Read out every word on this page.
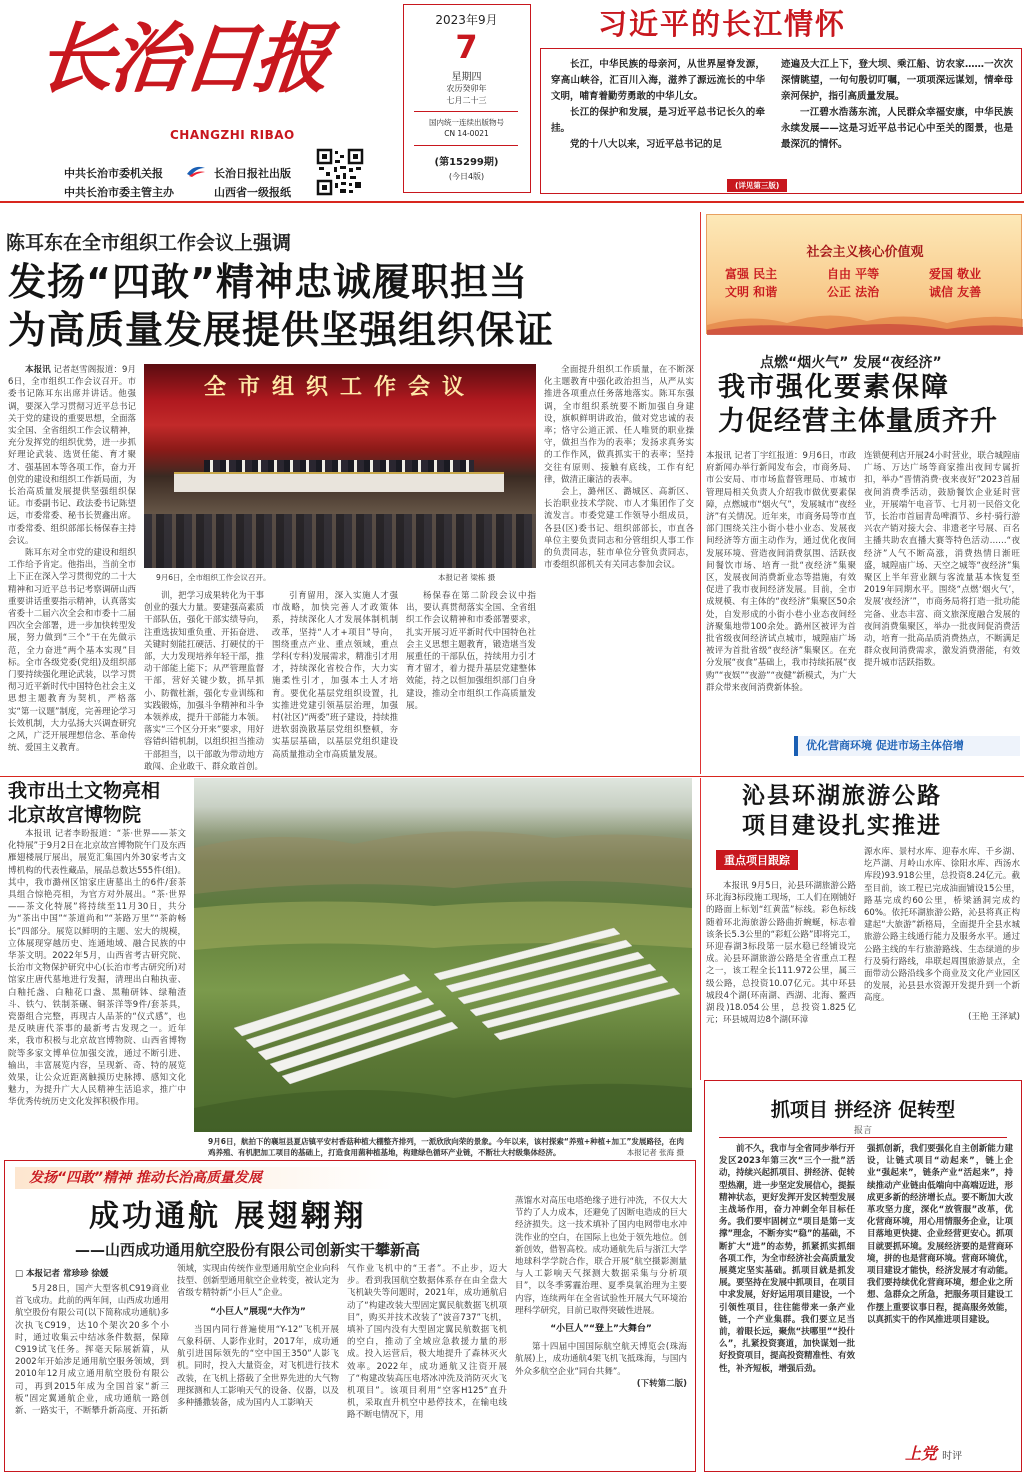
长治日报
CHANGZHI RIBAO
中共长治市委机关报	长治日报社出版
中共长治市委主管主办	山西省一级报纸
2023年9月
7
星期四
农历癸卯年
七月二十三
国内统一连续出版物号
CN 14-0021
(第15299期)
(今日4版)
习近平的长江情怀

长江，中华民族的母亲河，从世界屋脊发源，穿高山峡谷，汇百川入海，滋养了源远流长的中华文明，哺育着勤劳勇敢的中华儿女。

长江的保护和发展，是习近平总书记长久的牵挂。

党的十八大以来，习近平总书记的足

迹遍及大江上下，登大坝、乘江船、访农家……一次次深情眺望，一句句殷切叮嘱，一项项深远谋划，情牵母亲河保护，指引高质量发展。

一江碧水浩荡东流，人民群众幸福安康，中华民族永续发展——这是习近平总书记心中至关的图景，也是最深沉的情怀。

(详见第三版)
陈耳东在全市组织工作会议上强调
发扬“四敢”精神忠诚履职担当
为高质量发展提供坚强组织保证

本报讯 记者赵雪阁报道：9月6日，全市组织工作会议召开。市委书记陈耳东出席并讲话。他强调，要深入学习贯彻习近平总书记关于党的建设的重要思想，全面落实全国、全省组织工作会议精神，充分发挥党的组织优势，进一步抓好理论武装、选贤任能、育才聚才、强基固本等各项工作，奋力开创党的建设和组织工作新局面，为长治高质量发展提供坚强组织保证。市委副书记、政法委书记陈望远，市委常委、秘书长贺鑫出席。市委常委、组织部部长杨保春主持会议。

陈耳东对全市党的建设和组织工作给予肯定。他指出，当前全市上下正在深入学习贯彻党的二十大精神和习近平总书记考察调研山西重要讲话重要指示精神，认真落实省委十二届六次全会和市委十二届四次全会部署，进一步加快转型发展，努力做到“三个”干在先做示范，全力奋进“两个基本实现”目标。全市各级党委(党组)及组织部门要持续强化理论武装，以学习贯彻习近平新时代中国特色社会主义思想主题教育为契机，严格落实“第一议题”制度，完善理论学习长效机制，大力弘扬大兴调查研究之风，广泛开展理想信念、革命传统、爱国主义教育。

全市组织工作会议
9月6日，全市组织工作会议召开。	本报记者 梁栋 摄

训，把学习成果转化为干事创业的强大力量。要建强高素质干部队伍，强化干部实绩导向，注重选拔知重负重、开拓奋进、关键时刻能扛硬活、打硬仗的干部，大力发现培养年轻干部，推动干部能上能下；从严管理监督干部，营好关键少数，抓早抓小、防微杜渐，强化专业训练和实践锻炼，加强斗争精神和斗争本领养成，提升干部能力本领。落实“三个区分开来”要求，用好容错纠错机制，以组织担当推动干部担当，以干部敢为带动地方敢闯、企业敢干、群众敢首创。

引育留用，深入实施人才强市战略，加快完善人才政策体系，持续深化人才发展体制机制改革，坚持“人才+项目”导向，围绕重点产业、重点领域，重点学科(专科)发展需求，精准引才用才，持续深化省校合作，大力实施柔性引才，加强本土人才培育。要优化基层党组织设置，扎实推进党建引领基层治理，加强村(社区)“两委”班子建设，持续推进软弱涣散基层党组织整顿，夯实基层基础，以基层党组织建设高质量推动全市高质量发展。

杨保春在第二阶段会议中指出，要认真贯彻落实全国、全省组织工作会议精神和市委部署要求，扎实开展习近平新时代中国特色社会主义思想主题教育，锻造堪当发展重任的干部队伍，持续用力引才育才留才，着力提升基层党建整体效能，持之以恒加强组织部门自身建设，推动全市组织工作高质量发展。

全面提升组织工作质量，在不断深化主题教育中强化政治担当，从严从实推进各项重点任务落地落实。陈耳东强调，全市组织系统要不断加强自身建设，旗帜鲜明讲政治，做对党忠诚的表率；恪守公道正派、任人唯贤的职业操守，做担当作为的表率；发扬求真务实的工作作风，做真抓实干的表率；坚持交往有原则、接触有底线，工作有纪律，做清正廉洁的表率。

会上，潞州区、潞城区、高新区、长治职业技术学院、市人才集团作了交流发言。市委党建工作领导小组成员，各县(区)委书记、组织部部长，市直各单位主要负责同志和分管组织人事工作的负责同志，驻市单位分管负责同志，市委组织部机关有关同志参加会议。

社会主义核心价值观
富强 民主
文明 和谐
自由 平等
公正 法治
爱国 敬业
诚信 友善
点燃“烟火气” 发展“夜经济”
我市强化要素保障
力促经营主体量质齐升
本报讯 记者丁宇红报道：9月6日，市政府新闻办举行新闻发布会，市商务局、市公安局、市市场监督管理局、市城市管理局相关负责人介绍我市做优要素保障，点燃城市“烟火气”，发展城市“夜经济”有关情况。近年来，市商务局等市直部门围绕关注小街小巷小业态、发展夜间经济等方面主动作为，通过优化夜间发展环境、营造夜间消费氛围、活跃夜间餐饮市场、培育一批“夜经济”集聚区，发展夜间消费新业态等措施，有效促进了我市夜间经济发展。目前，全市成规模、有主体的“夜经济”集聚区50余处，自发形成的小街小巷小业态夜间经济聚集地带100余处。潞州区被评为首批省级夜间经济试点城市，城隍庙广场被评为首批省级“夜经济”集聚区。在充分发展“夜食”基础上，我市持续拓展“夜购”“夜娱”“夜游”“夜健”新模式，为广大群众带来夜间消费新体验。
连锁便利店开展24小时营业，联合城隍庙广场、万达广场等商家推出夜间专属折扣，举办“晋情消费·夜来夜好”2023首届夜间消费季活动，鼓励餐饮企业延时营业，开展端午电音节、七月初一民俗文化节，长治市首届青岛啤酒节、乡村·骑行游兴农产销对接大会、非遗老字号展、百名主播共助农直播大赛等特色活动……“夜经济”人气不断高涨，消费热情日渐旺盛，城隍庙广场、天空之城等“夜经济”集聚区上半年营业额与客流量基本恢复至2019年同期水平。围绕“点燃‘烟火气’，发展‘夜经济’”，市商务局将打造一批功能完备、业态丰富、商文旅深度融合发展的夜间消费集聚区，举办一批夜间促消费活动，培育一批高品质消费热点，不断满足群众夜间消费需求，激发消费潜能，有效提升城市活跃指数。
优化营商环境 促进市场主体倍增
我市出土文物亮相
北京故宫博物院
本报讯 记者李盼报道：“茶·世界——茶文化特展”于9月2日在北京故宫博物院午门及东西雁翅楼展厅展出，展览汇集国内外30家考古文博机构的代表性藏品，展品总数达555件(组)。其中，我市潞州区馆家庄唐墓出土的6件/套茶具组合惊艳亮相，为官方对外展出。“茶·世界——茶文化特展”将持续至11月30日，共分为“茶出中国”“茶道尚和”“茶路万里”“茶韵畅长”四部分。展览以鲜明的主题、宏大的规模，立体展现穿越历史、连通地域、融合民族的中华茶文明。2022年5月，山西省考古研究院、长治市文物保护研究中心(长治市考古研究所)对馆家庄唐代墓地进行发掘，清理出白釉执壶、白釉托盏、白釉花口盏、黑釉研钵、绿釉渣斗、铁勺、铁制茶碾、铜茶洋等9件/套茶具，瓷器组合完整，再现古人品茶的“仪式感”，也是反映唐代茶事的最新考古发现之一。近年来，我市积极与北京故宫博物院、山西省博物院等多家文博单位加强交流，通过不断引进、输出，丰富展览内容，呈现新、奇、特的展览效果，让公众近距离触摸历史脉搏、感知文化魅力，为提升广大人民精神生活追求，推广中华优秀传统历史文化发挥积极作用。
9月6日，航拍下的襄垣县夏店镇平安村香菇种植大棚整齐排列，一派欣欣向荣的景象。今年以来，该村探索“养殖+种植+加工”发展路径，在肉鸡养殖、有机肥加工项目的基础上，打造食用菌种植基地，构建绿色循环产业链，不断壮大村级集体经济。	本报记者 张海 摄
沁县环湖旅游公路
项目建设扎实推进
重点项目跟踪
本报讯 9月5日，沁县环湖旅游公路环北海3标段施工现场，工人们在刚铺好的路面上标划“红黄蓝”标线。彩色标线随着环北海旅游公路曲折蜿蜒，标志着该条长5.3公里的“彩虹公路”即将完工，环迎春湖3标段第一层水稳已经铺设完成。沁县环湖旅游公路是全省重点工程之一，该工程全长111.972公里，属三级公路，总投资10.07亿元。其中环县城段4个湖(环南湖、西湖、北海、鳌西湖段)18.054公里，总投资1.825亿元；环县城周边8个湖(环漳
源水库、景村水库、迎春水库、千乡湖、圪芦湖、月岭山水库、徐阳水库、西汤水库段)93.918公里，总投资8.24亿元。截至目前，该工程已完成油面铺设15公里，路基完成约60公里，桥梁涵洞完成约60%。依托环湖旅游公路，沁县将真正构建起“大旅游”新格局，全面提升全县水城旅游公路主线通行能力及服务水平。通过公路主线的车行旅游路线、生态绿道的步行及骑行路线，串联起周围旅游景点，全面带动公路沿线多个商业及文化产业园区的发展，沁县县水资源开发提升到一个新高度。
(王艳 王泽斌)
抓项目 拼经济 促转型
报言
前不久，我市与全省同步举行开发区2023年第三次“三个一批”活动，持续兴起抓项目、拼经济、促转型热潮，进一步坚定发展信心，提振精神状态，更好发挥开发区转型发展主战场作用，奋力冲刺全年目标任务。我们要牢固树立“项目是第一支撑”理念，不断夯实“稳”的基础，不断扩大“进”的态势，抓紧抓实抓细各项工作，为全市经济社会高质量发展奠定坚实基础。抓项目就是抓发展。要坚持在发展中抓项目，在项目中求发展，好好运用项目建设，一个引领性项目，往往能带来一条产业链，一个产业集群。我们要立足当前，着眼长远，聚焦“扶哪里”“投什么”，扎紧投资赛道，加快谋划一批好投资项目，提高投资精准性、有效性，补齐短板，增强后劲。
强抓创新，我们要强化自主创新能力建设，让链式项目“动起来”，链上企业“强起来”，链条产业“活起来”，持续推动产业链由低端向中高端迈进，形成更多新的经济增长点。要不断加大改革攻坚力度，深化“放管服”改革，优化营商环境，用心用情服务企业，让项目落地更快捷、企业经营更安心。抓项目就要抓环境。发展经济要的是营商环境，拼的也是营商环境。营商环境优，项目建设才能快，经济发展才有动能。我们要持续优化营商环境，想企业之所想、急群众之所急，把服务项目建设工作摆上重要议事日程，提高服务效能，以真抓实干的作风推进项目建设。
上党 时评
发扬“四敢”精神 推动长治高质量发展
成功通航 展翅翱翔
——山西成功通用航空股份有限公司创新实干攀新高
□ 本报记者 常珍珍 徐媛
5月28日，国产大型客机C919商业首飞成功。此前的两年间，山西成功通用航空股份有限公司(以下简称成功通航)多次执飞C919，达10个架次20多个小时，通过收集云中结冰条件数据，保障C919试飞任务。挥毫天际展新篇，从2002年开始涉足通用航空服务领域，到2010年12月成立通用航空股份有限公司，再到2015年成为全国首家“新三板”固定翼通航企业，成功通航一路创新、一路实干，不断攀升新高度、开拓新
领域，实现由传统作业型通用航空企业向科技型、创新型通用航空企业转变，被认定为省级专精特新“小巨人”企业。
“小巨人”展现“大作为”
当国内同行普遍使用“Y-12”飞机开展气象科研、人影作业时，2017年，成功通航引进国际领先的“空中国王350”人影飞机。同时，投入大量资金，对飞机进行技术改装，在飞机上搭载了全世界先进的大气物理探测和人工影响天气的设备、仪器，以及多种播撒装备，成为国内人工影响天
气作业飞机中的“王者”。不止步，迈大步。看到我国航空数据体系存在由全盘大飞机缺失等问题时，2021年，成功通航启动了“构建改装大型固定翼民航数据飞机项目”，购买并技术改装了“波音737”飞机，填补了国内没有大型固定翼民航数据飞机的空白，推动了全域应急救援力量的形成。投入运营后，极大地提升了森林灭火效率。2022年，成功通航又注资开展了“构建改装高压电塔冰冲洗及消防灭火飞机项目”。该项目利用“空客H125”直升机，采取直升机空中悬停技术，在输电线路不断电情况下，用
蒸馏水对高压电塔绝缘子进行冲洗，不仅大大节约了人力成本，还避免了因断电造成的巨大经济损失。这一技术填补了国内电网带电水冲洗作业的空白，在国际上也处于领先地位。创新创效，借智高校。成功通航先后与浙江大学地球科学学院合作，联合开展“航空摄影测量与人工影响天气探测大数据采集与分析项目”，以冬季雾霾治理、夏季臭氧治理为主要内容，连续两年在全省试验性开展大气环境治理科学研究，目前已取得突破性进展。
“小巨人”“登上”大舞台”
第十四届中国国际航空航天博览会(珠海航展)上，成功通航4架飞机飞抵珠海，与国内外众多航空企业“同台共舞”。
(下转第二版)
